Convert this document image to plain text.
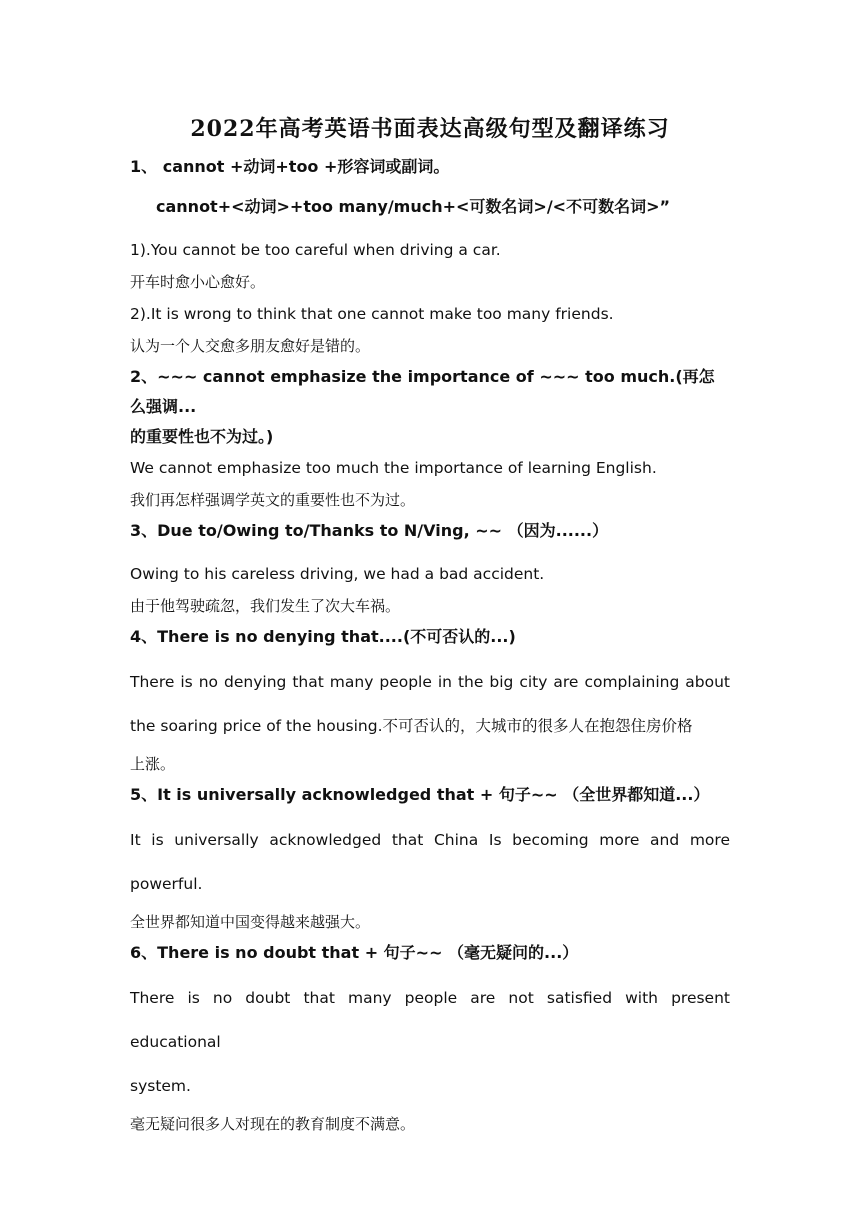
2022年高考英语书面表达高级句型及翻译练习

1、 cannot +动词+too +形容词或副词。

cannot+<动词>+too many/much+<可数名词>/<不可数名词>”

1).You cannot be too careful when driving a car.

开车时愈小心愈好。

2).It is wrong to think that one cannot make too many friends.

认为一个人交愈多朋友愈好是错的。

2、~~~ cannot emphasize the importance of ~~~ too much.(再怎么强调...

的重要性也不为过。)

We cannot emphasize too much the importance of learning English.

我们再怎样强调学英文的重要性也不为过。

3、Due to/Owing to/Thanks to N/Ving, ~~ （因为......）

Owing to his careless driving, we had a bad accident.

由于他驾驶疏忽，我们发生了次大车祸。

4、There is no denying that....(不可否认的...)

There is no denying that many people in the big city are complaining about

the soaring price of the housing.不可否认的，大城市的很多人在抱怨住房价格

上涨。

5、It is universally acknowledged that + 句子~~ （全世界都知道...）

It is universally acknowledged that China Is becoming more and more

powerful.

全世界都知道中国变得越来越强大。

6、There is no doubt that + 句子~~ （毫无疑问的...）

There is no doubt that many people are not satisfied with present educational

system.

毫无疑问很多人对现在的教育制度不满意。
